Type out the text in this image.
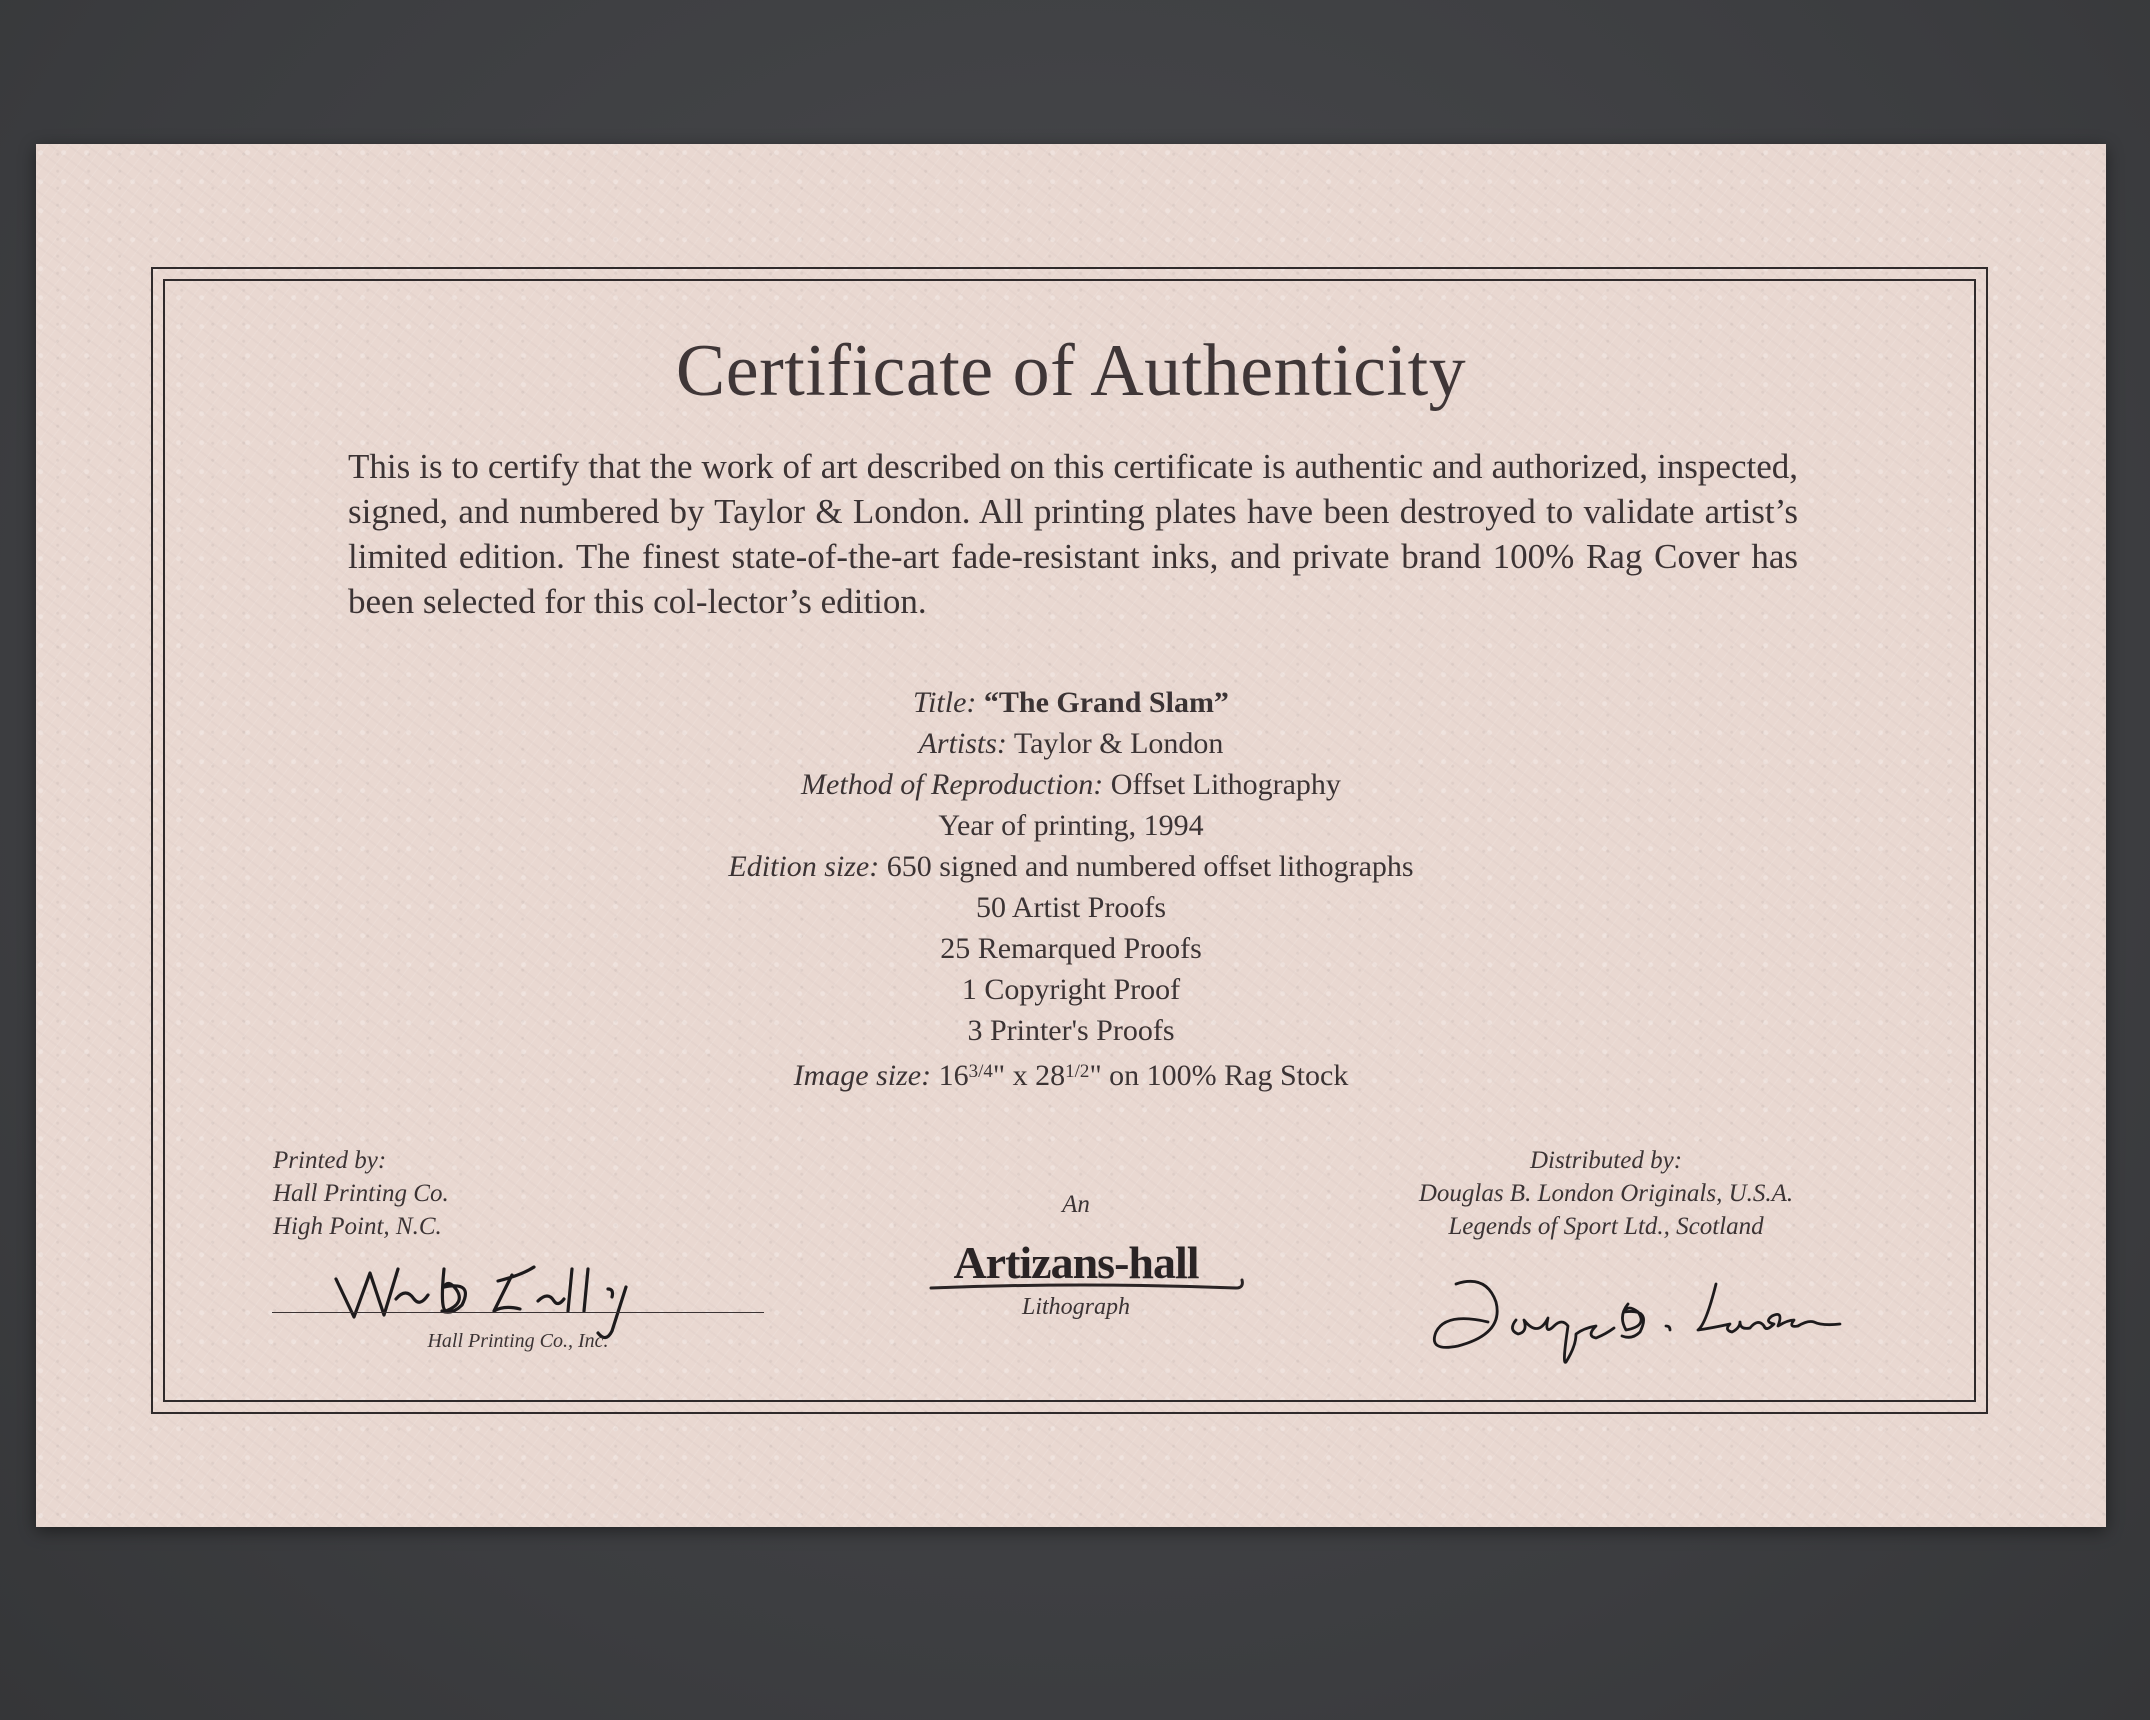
Certificate of Authenticity

This is to certify that the work of art described on this certificate is authentic and authorized, inspected, signed, and numbered by Taylor & London. All printing plates have been destroyed to validate artist’s limited edition. The finest state-of-the-art fade-resistant inks, and private brand 100% Rag Cover has been selected for this col-lector’s edition.

Title: “The Grand Slam”
Artists: Taylor & London
Method of Reproduction: Offset Lithography
Year of printing, 1994
Edition size: 650 signed and numbered offset lithographs
50 Artist Proofs
25 Remarqued Proofs
1 Copyright Proof
3 Printer's Proofs
Image size: $16^{3/4}$" x $28^{1/2}$" on 100% Rag Stock
Printed by:
Hall Printing Co.
High Point, N.C.
Hall Printing Co., Inc.
An
Artizans-hall
Lithograph
Distributed by:
Douglas B. London Originals, U.S.A.
Legends of Sport Ltd., Scotland
Douglas B. London
